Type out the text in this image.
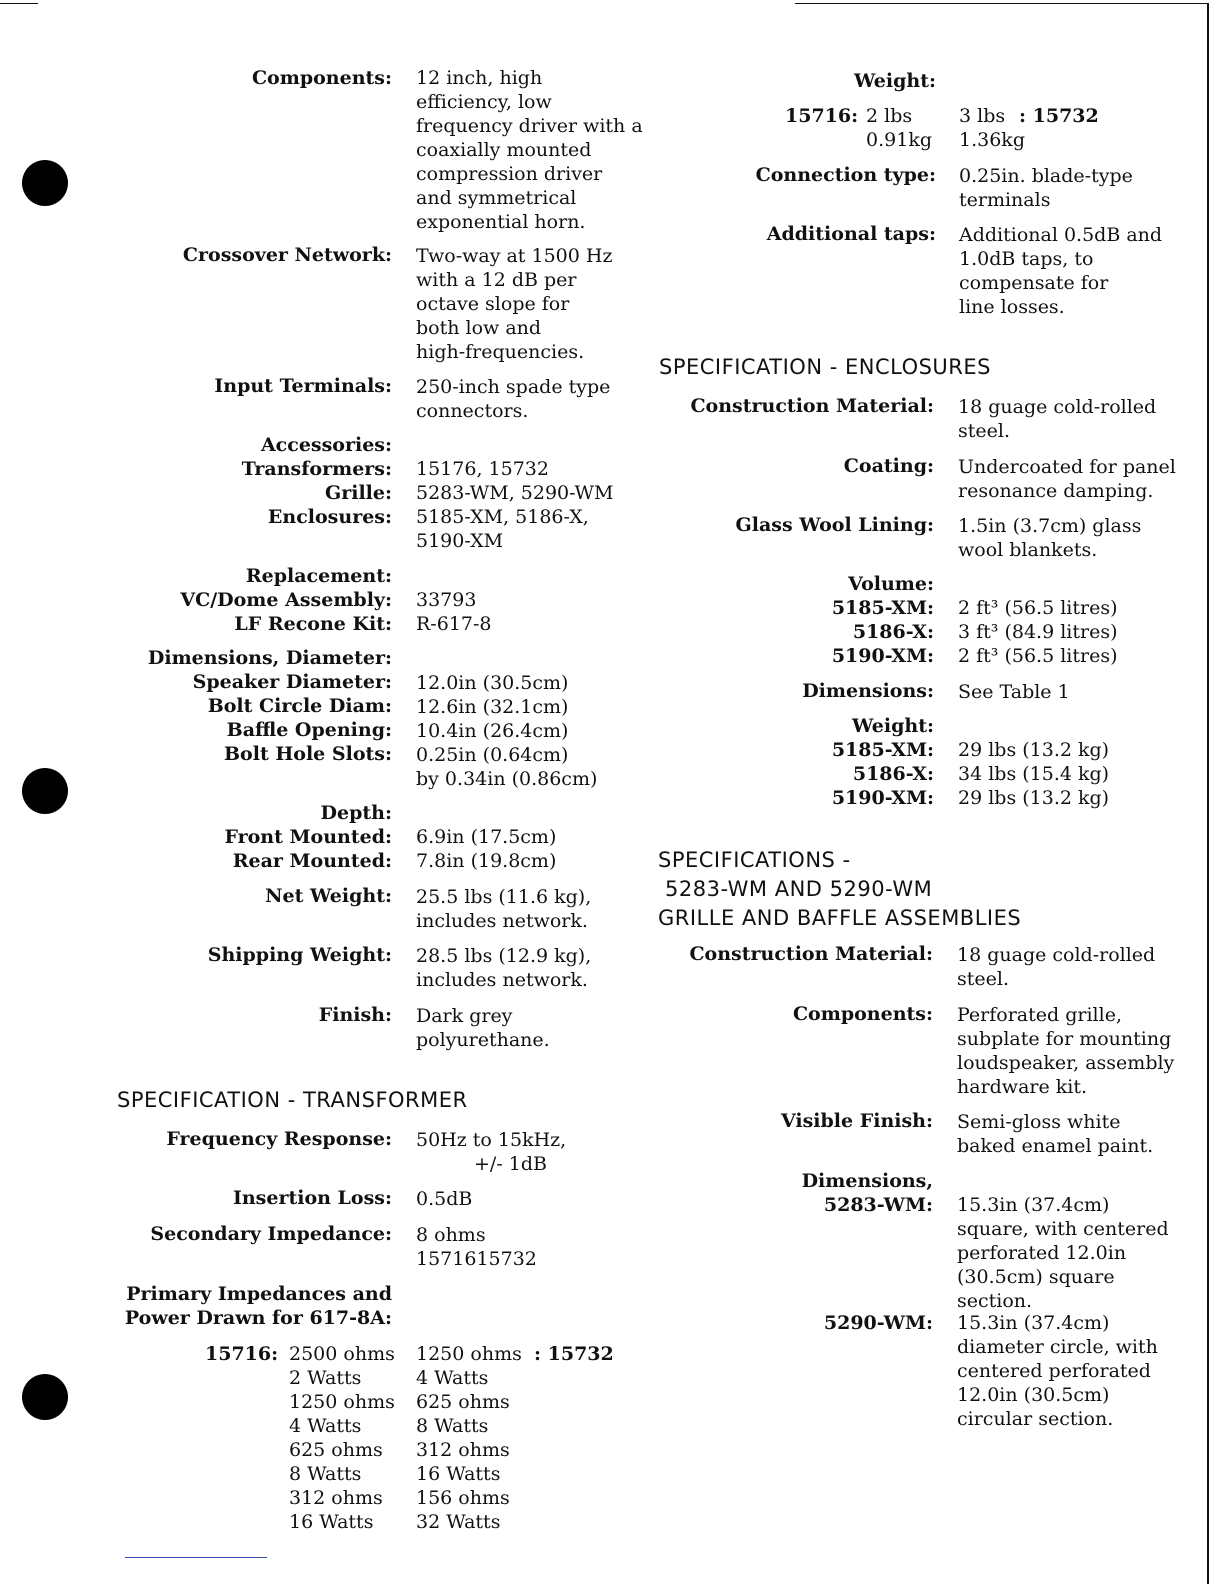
Components: 12 inch, high
efficiency, low
frequency driver with a
coaxially mounted
compression driver
and symmetrical
exponential horn.
Crossover Network: Two-way at 1500 Hz
with a 12 dB per
octave slope for
both low and
high-frequencies.
Input Terminals: 250-inch spade type
connectors.
Accessories:
Transformers:
Grille:
Enclosures:
15176, 15732
5283-WM, 5290-WM
5185-XM, 5186-X,
5190-XM
Replacement:
VC/Dome Assembly:
LF Recone Kit:
33793
R-617-8
Dimensions, Diameter:
Speaker Diameter:
Bolt Circle Diam:
Baffle Opening:
Bolt Hole Slots:
12.0in (30.5cm)
12.6in (32.1cm)
10.4in (26.4cm)
0.25in (0.64cm)
by 0.34in (0.86cm)
Depth:
Front Mounted:
Rear Mounted:
6.9in (17.5cm)
7.8in (19.8cm)
Net Weight: 25.5 lbs (11.6 kg),
includes network.
Shipping Weight: 28.5 lbs (12.9 kg),
includes network.
Finish: Dark grey
polyurethane.
SPECIFICATION - TRANSFORMER
Frequency Response: 50Hz to 15kHz,
+/- 1dB
Insertion Loss: 0.5dB
Secondary Impedance: 8 ohms
1571615732
Primary Impedances and
Power Drawn for 617-8A:
15716: 2500 ohms
2 Watts
1250 ohms
4 Watts
625 ohms
8 Watts
312 ohms
16 Watts
1250 ohms
4 Watts
625 ohms
8 Watts
312 ohms
16 Watts
156 ohms
32 Watts
: 15732
Weight:
15716: 2 lbs
0.91kg
3 lbs
1.36kg
: 15732
Connection type: 0.25in. blade-type
terminals
Additional taps: Additional 0.5dB and
1.0dB taps, to
compensate for
line losses.
SPECIFICATION - ENCLOSURES
Construction Material: 18 guage cold-rolled
steel.
Coating: Undercoated for panel
resonance damping.
Glass Wool Lining: 1.5in (3.7cm) glass
wool blankets.
Volume:
5185-XM:
5186-X:
5190-XM:
2 ft³ (56.5 litres)
3 ft³ (84.9 litres)
2 ft³ (56.5 litres)
Dimensions: See Table 1
Weight:
5185-XM:
5186-X:
5190-XM:
29 lbs (13.2 kg)
34 lbs (15.4 kg)
29 lbs (13.2 kg)
SPECIFICATIONS -
5283-WM AND 5290-WM
GRILLE AND BAFFLE ASSEMBLIES
Construction Material: 18 guage cold-rolled
steel.
Components: Perforated grille,
subplate for mounting
loudspeaker, assembly
hardware kit.
Visible Finish: Semi-gloss white
baked enamel paint.
Dimensions,
5283-WM: 15.3in (37.4cm)
square, with centered
perforated 12.0in
(30.5cm) square
section.
5290-WM: 15.3in (37.4cm)
diameter circle, with
centered perforated
12.0in (30.5cm)
circular section.
